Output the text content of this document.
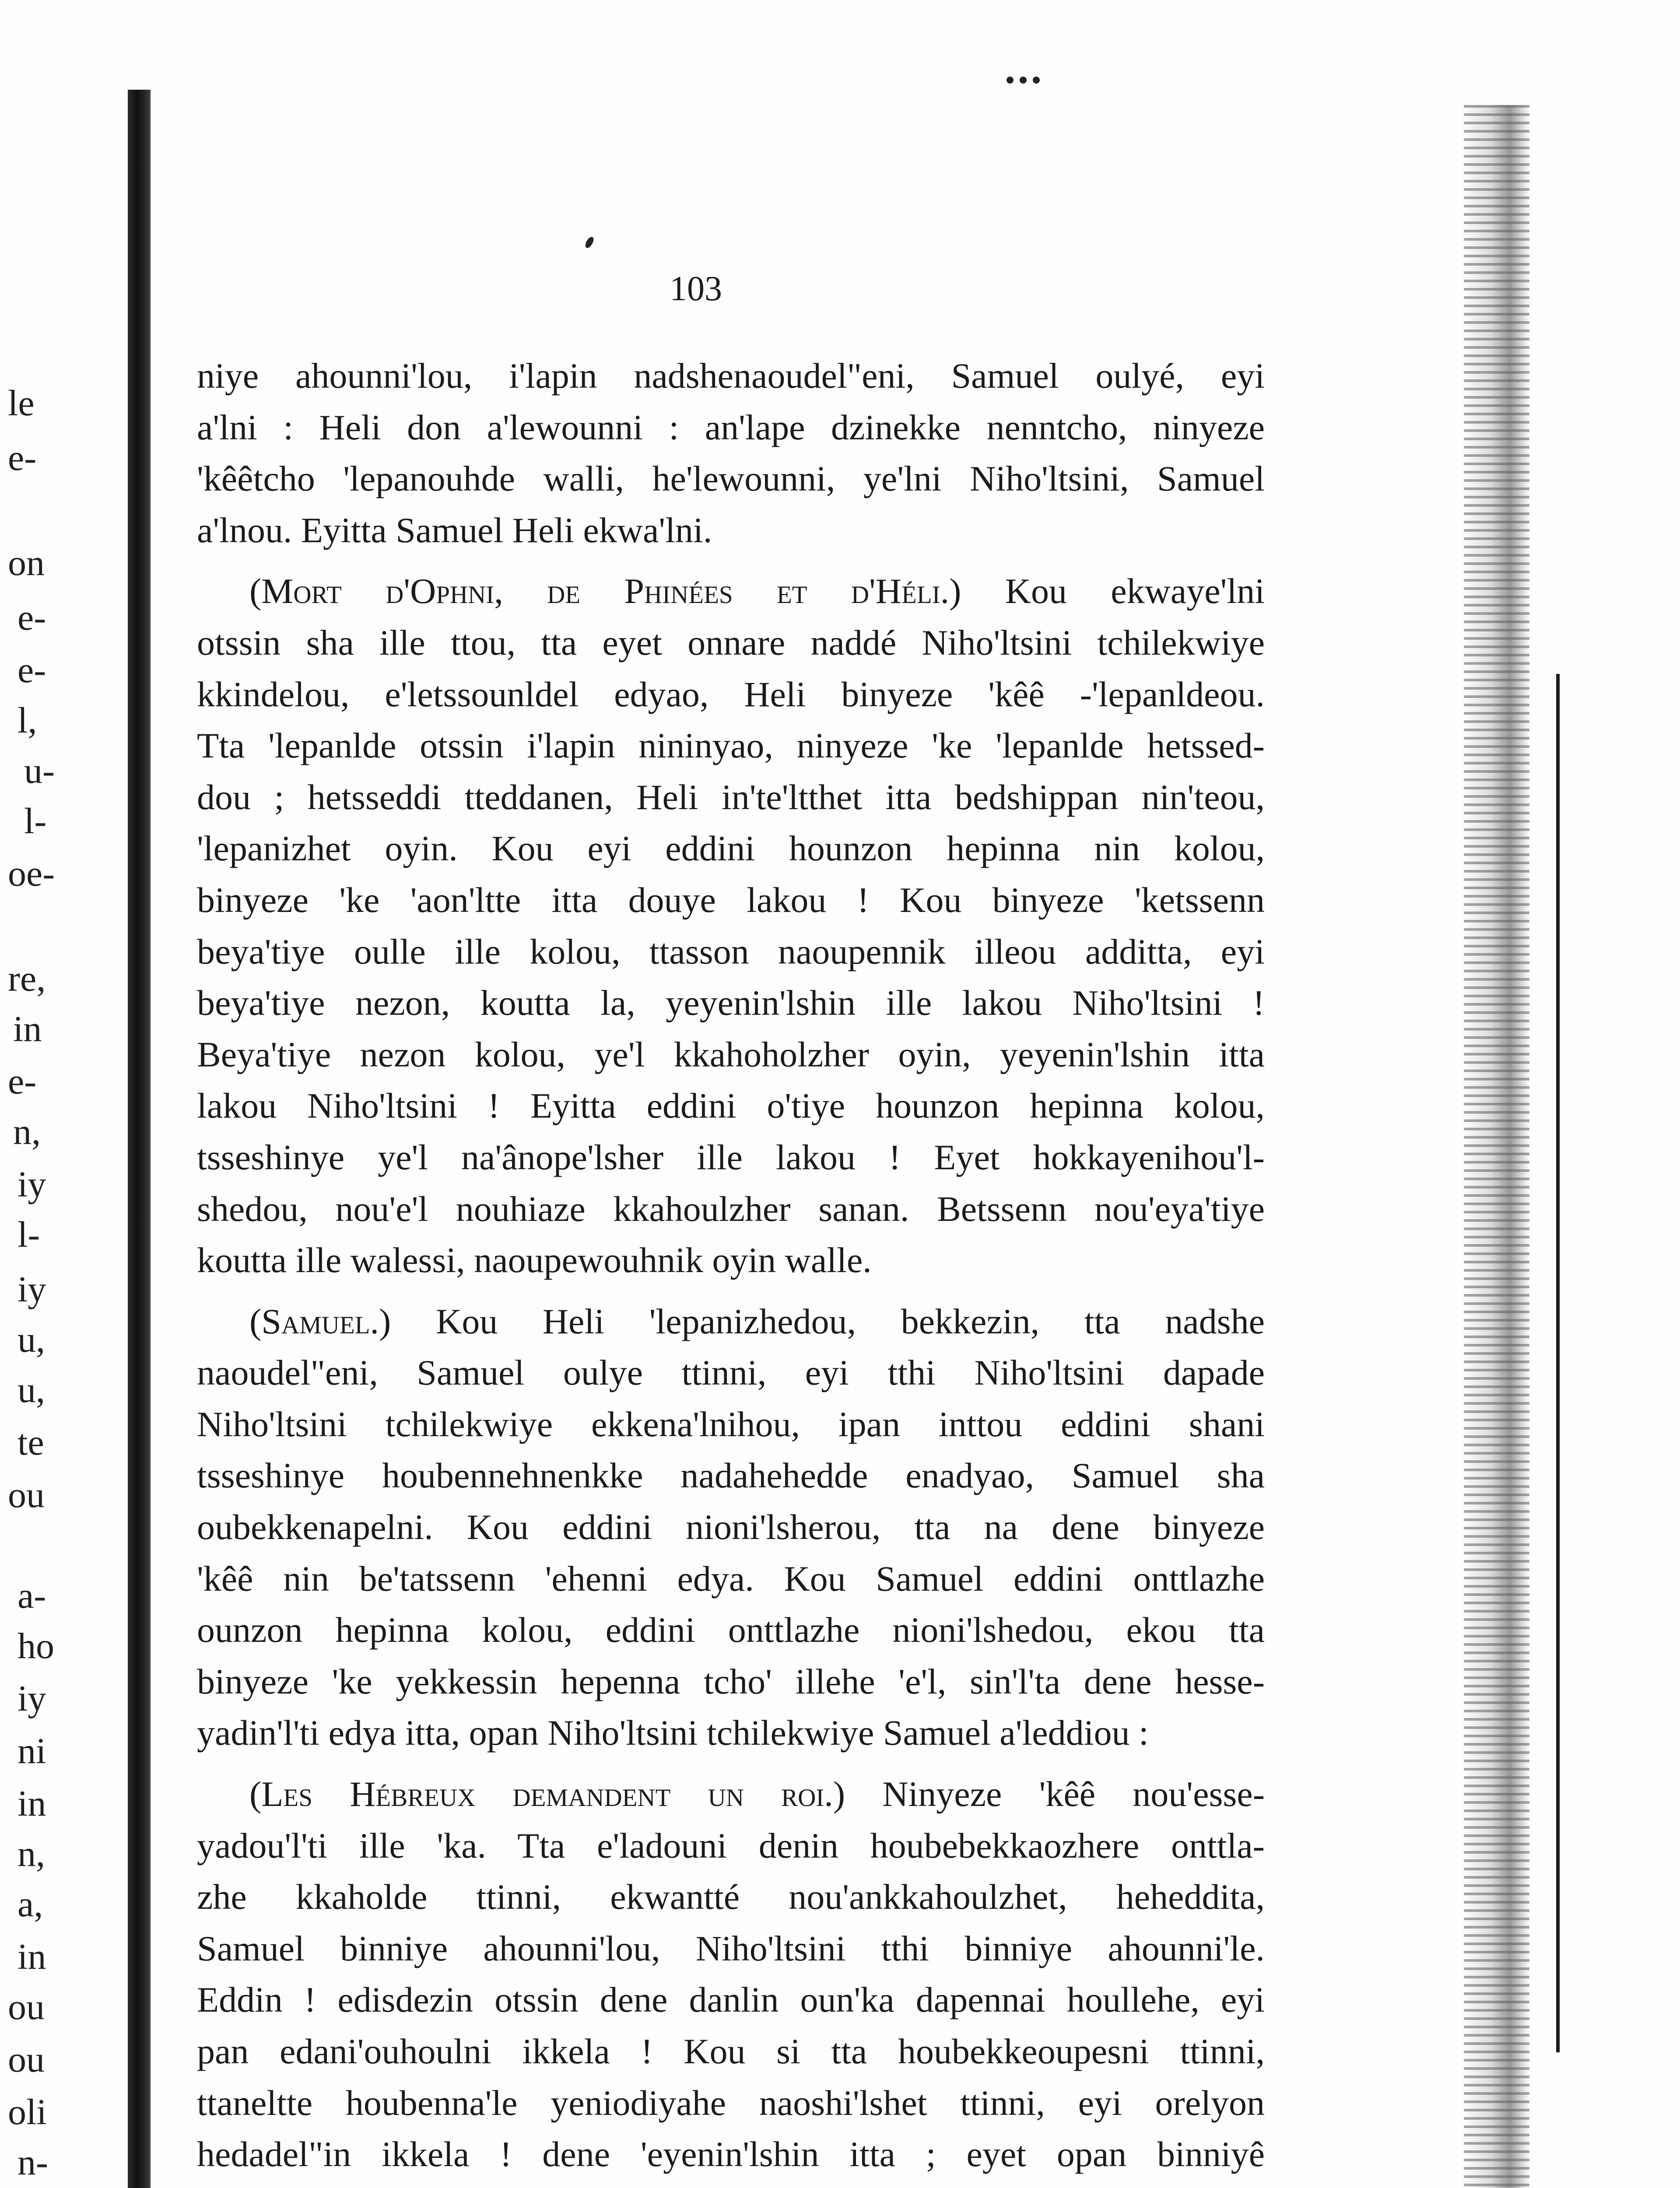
le
e-
on
e-
e-
l,
u-
l-
oe-
re,
in
e-
n,
iy
l-
iy
u,
u,
te
ou
a-
ho
iy
ni
in
n,
a,
in
ou
ou
oli
n-
103
niye ahounni'lou, i'lapin nadshenaoudel"eni, Samuel oulyé, eyi
a'lni : Heli don a'lewounni : an'lape dzinekke nenntcho, ninyeze
'kêêtcho 'lepanouhde walli, he'lewounni, ye'lni Niho'ltsini, Samuel
a'lnou. Eyitta Samuel Heli ekwa'lni.
(Mort d'Ophni, de Phinées et d'Héli.) Kou ekwaye'lni
otssin sha ille ttou, tta eyet onnare naddé Niho'ltsini tchilekwiye
kkindelou, e'letssounldel edyao, Heli binyeze 'kêê -'lepanldeou.
Tta 'lepanlde otssin i'lapin nininyao, ninyeze 'ke 'lepanlde hetssed-
dou ; hetsseddi tteddanen, Heli in'te'ltthet itta bedshippan nin'teou,
'lepanizhet oyin. Kou eyi eddini hounzon hepinna nin kolou,
binyeze 'ke 'aon'ltte itta douye lakou ! Kou binyeze 'ketssenn
beya'tiye oulle ille kolou, ttasson naoupennik illeou additta, eyi
beya'tiye nezon, koutta la, yeyenin'lshin ille lakou Niho'ltsini !
Beya'tiye nezon kolou, ye'l kkahoholzher oyin, yeyenin'lshin itta
lakou Niho'ltsini ! Eyitta eddini o'tiye hounzon hepinna kolou,
tsseshinye ye'l na'ânope'lsher ille lakou ! Eyet hokkayenihou'l-
shedou, nou'e'l nouhiaze kkahoulzher sanan. Betssenn nou'eya'tiye
koutta ille walessi, naoupewouhnik oyin walle.
(Samuel.) Kou Heli 'lepanizhedou, bekkezin, tta nadshe
naoudel"eni, Samuel oulye ttinni, eyi tthi Niho'ltsini dapade
Niho'ltsini tchilekwiye ekkena'lnihou, ipan inttou eddini shani
tsseshinye houbennehnenkke nadahehedde enadyao, Samuel sha
oubekkenapelni. Kou eddini nioni'lsherou, tta na dene binyeze
'kêê nin be'tatssenn 'ehenni edya. Kou Samuel eddini onttlazhe
ounzon hepinna kolou, eddini onttlazhe nioni'lshedou, ekou tta
binyeze 'ke yekkessin hepenna tcho' illehe 'e'l, sin'l'ta dene hesse-
yadin'l'ti edya itta, opan Niho'ltsini tchilekwiye Samuel a'leddiou :
(Les Hébreux demandent un roi.) Ninyeze 'kêê nou'esse-
yadou'l'ti ille 'ka. Tta e'ladouni denin houbebekkaozhere onttla-
zhe kkaholde ttinni, ekwantté nou'ankkahoulzhet, heheddita,
Samuel binniye ahounni'lou, Niho'ltsini tthi binniye ahounni'le.
Eddin ! edisdezin otssin dene danlin oun'ka dapennai houllehe, eyi
pan edani'ouhoulni ikkela ! Kou si tta houbekkeoupesni ttinni,
ttaneltte houbenna'le yeniodiyahe naoshi'lshet ttinni, eyi orelyon
hedadel"in ikkela ! dene 'eyenin'lshin itta ; eyet opan binniyê
